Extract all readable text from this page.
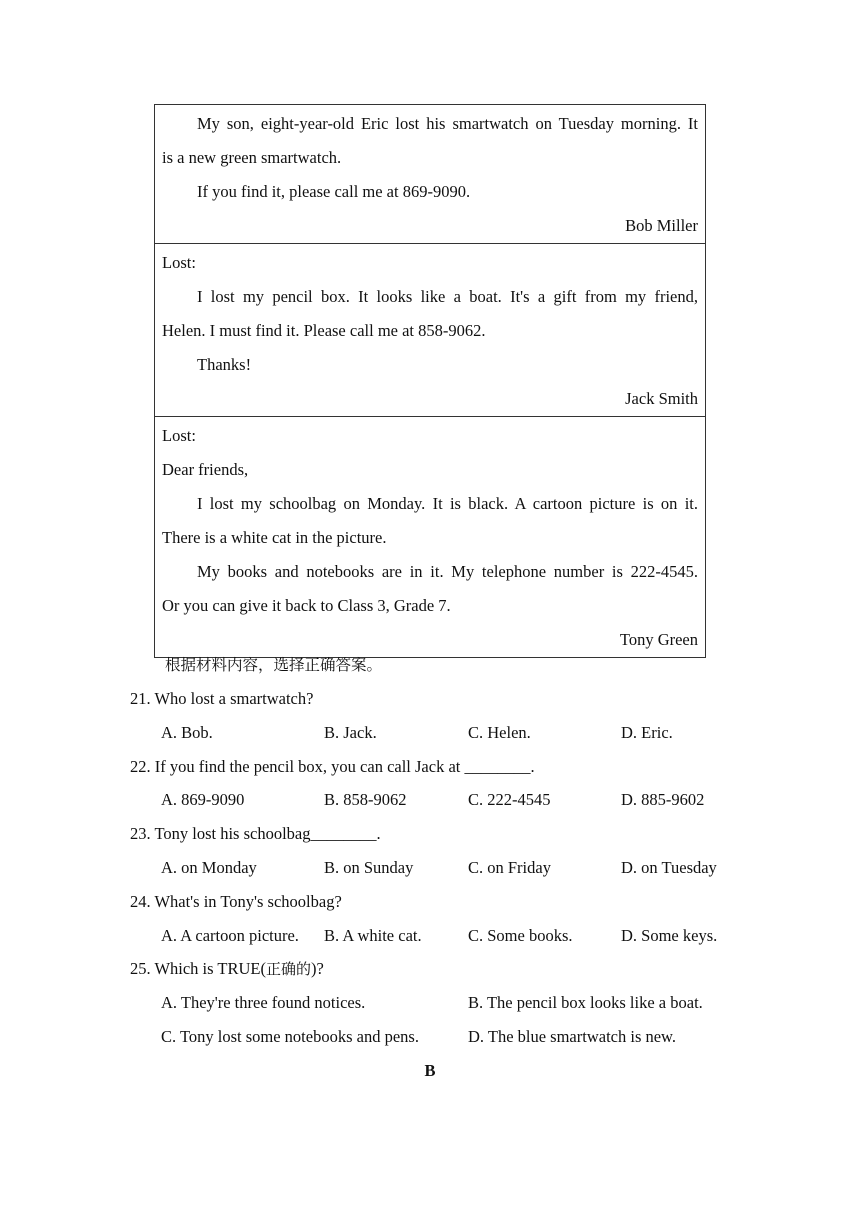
My son, eight-year-old Eric lost his smartwatch on Tuesday morning. It
is a new green smartwatch.
If you find it, please call me at 869-9090.
Bob Miller
Lost:
I lost my pencil box. It looks like a boat. It's a gift from my friend,
Helen. I must find it. Please call me at 858-9062.
Thanks!
Jack Smith
Lost:
Dear friends,
I lost my schoolbag on Monday. It is black. A cartoon picture is on it.
There is a white cat in the picture.
My books and notebooks are in it. My telephone number is 222-4545.
Or you can give it back to Class 3, Grade 7.
Tony Green
根据材料内容，选择正确答案。
21. Who lost a smartwatch?
A. Bob.	B. Jack.	C. Helen.	D. Eric.
22. If you find the pencil box, you can call Jack at ________.
A. 869-9090	B. 858-9062	C. 222-4545	D. 885-9602
23. Tony lost his schoolbag________.
A. on Monday	B. on Sunday	C. on Friday	D. on Tuesday
24. What's in Tony's schoolbag?
A. A cartoon picture. B. A white cat.	C. Some books.	D. Some keys.
25. Which is TRUE(正确的)?
A. They're three found notices.	B. The pencil box looks like a boat.
C. Tony lost some notebooks and pens.	D. The blue smartwatch is new.
B
